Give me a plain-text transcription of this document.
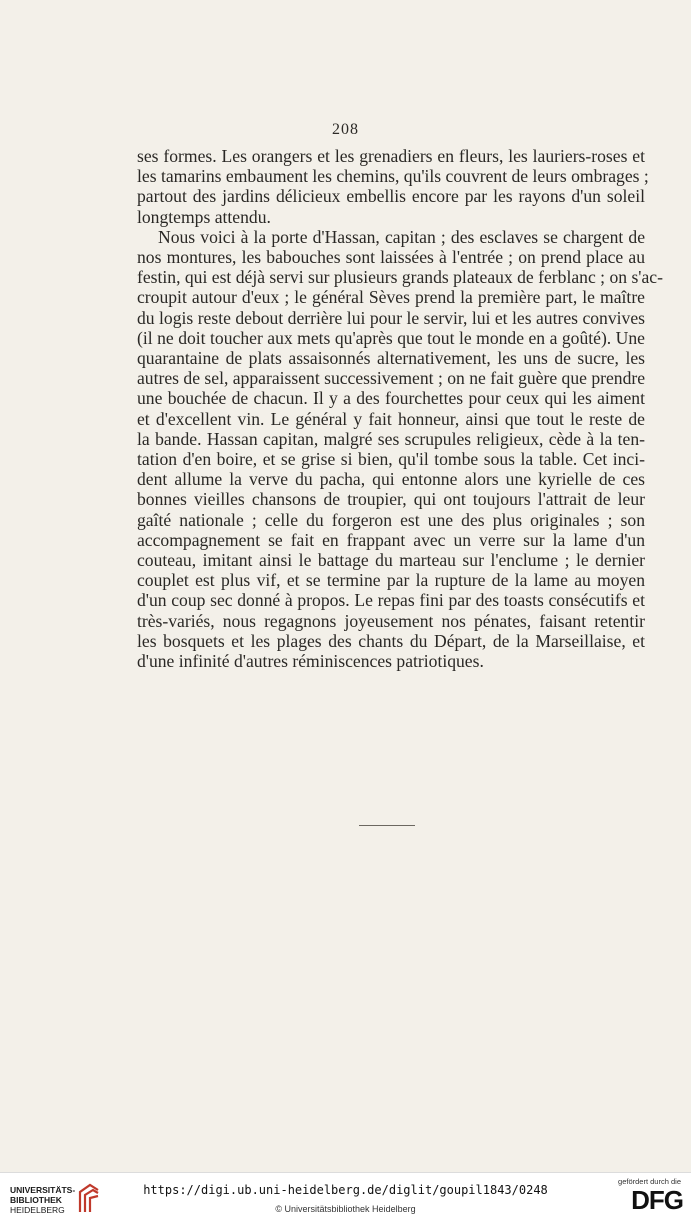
208
ses formes. Les orangers et les grenadiers en fleurs, les lauriers-roses et
les tamarins embaument les chemins, qu'ils couvrent de leurs ombrages ;
partout des jardins délicieux embellis encore par les rayons d'un soleil
longtemps attendu.
Nous voici à la porte d'Hassan, capitan ; des esclaves se chargent de
nos montures, les babouches sont laissées à l'entrée ; on prend place au
festin, qui est déjà servi sur plusieurs grands plateaux de ferblanc ; on s'ac-
croupit autour d'eux ; le général Sèves prend la première part, le maître
du logis reste debout derrière lui pour le servir, lui et les autres convives
(il ne doit toucher aux mets qu'après que tout le monde en a goûté). Une
quarantaine de plats assaisonnés alternativement, les uns de sucre, les
autres de sel, apparaissent successivement ; on ne fait guère que prendre
une bouchée de chacun. Il y a des fourchettes pour ceux qui les aiment
et d'excellent vin. Le général y fait honneur, ainsi que tout le reste de
la bande. Hassan capitan, malgré ses scrupules religieux, cède à la ten-
tation d'en boire, et se grise si bien, qu'il tombe sous la table. Cet inci-
dent allume la verve du pacha, qui entonne alors une kyrielle de ces
bonnes vieilles chansons de troupier, qui ont toujours l'attrait de leur
gaîté nationale ; celle du forgeron est une des plus originales ; son
accompagnement se fait en frappant avec un verre sur la lame d'un
couteau, imitant ainsi le battage du marteau sur l'enclume ; le dernier
couplet est plus vif, et se termine par la rupture de la lame au moyen
d'un coup sec donné à propos. Le repas fini par des toasts consécutifs et
très-variés, nous regagnons joyeusement nos pénates, faisant retentir
les bosquets et les plages des chants du Départ, de la Marseillaise, et
d'une infinité d'autres réminiscences patriotiques.
UNIVERSITÄTS-
BIBLIOTHEK
HEIDELBERG
https://digi.ub.uni-heidelberg.de/diglit/goupil1843/0248
© Universitätsbibliothek Heidelberg
gefördert durch die
DFG
